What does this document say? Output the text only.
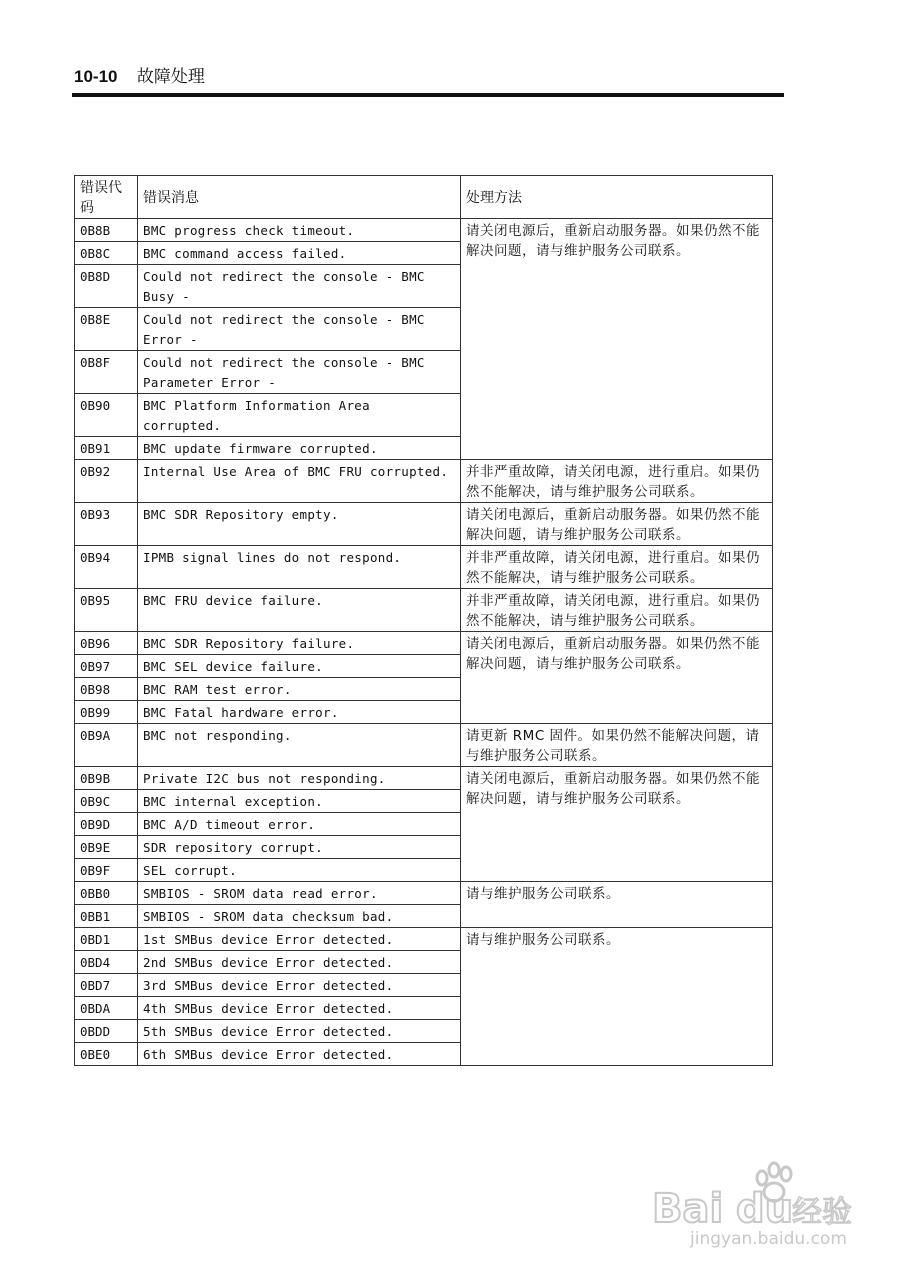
10-10 故障处理
错误代码	错误消息	处理方法
0B8B	BMC progress check timeout.	请关闭电源后，重新启动服务器。如果仍然不能解决问题，请与维护服务公司联系。
0B8C	BMC command access failed.	
0B8D	Could not redirect the console - BMC Busy -	
0B8E	Could not redirect the console - BMC Error -	
0B8F	Could not redirect the console - BMC Parameter Error -	
0B90	BMC Platform Information Area corrupted.	
0B91	BMC update firmware corrupted.	
0B92	Internal Use Area of BMC FRU corrupted.	并非严重故障，请关闭电源，进行重启。如果仍然不能解决，请与维护服务公司联系。
0B93	BMC SDR Repository empty.	请关闭电源后，重新启动服务器。如果仍然不能解决问题，请与维护服务公司联系。
0B94	IPMB signal lines do not respond.	并非严重故障，请关闭电源，进行重启。如果仍然不能解决，请与维护服务公司联系。
0B95	BMC FRU device failure.	并非严重故障，请关闭电源，进行重启。如果仍然不能解决，请与维护服务公司联系。
0B96	BMC SDR Repository failure.	请关闭电源后，重新启动服务器。如果仍然不能解决问题，请与维护服务公司联系。
0B97	BMC SEL device failure.	
0B98	BMC RAM test error.	
0B99	BMC Fatal hardware error.	
0B9A	BMC not responding.	请更新 RMC 固件。如果仍然不能解决问题，请与维护服务公司联系。
0B9B	Private I2C bus not responding.	请关闭电源后，重新启动服务器。如果仍然不能解决问题，请与维护服务公司联系。
0B9C	BMC internal exception.	
0B9D	BMC A/D timeout error.	
0B9E	SDR repository corrupt.	
0B9F	SEL corrupt.	
0BB0	SMBIOS - SROM data read error.	请与维护服务公司联系。
0BB1	SMBIOS - SROM data checksum bad.	
0BD1	1st SMBus device Error detected.	请与维护服务公司联系。
0BD4	2nd SMBus device Error detected.	
0BD7	3rd SMBus device Error detected.	
0BDA	4th SMBus device Error detected.	
0BDD	5th SMBus device Error detected.	
0BE0	6th SMBus device Error detected.	
Bai du
经验
jingyan.baidu.com
